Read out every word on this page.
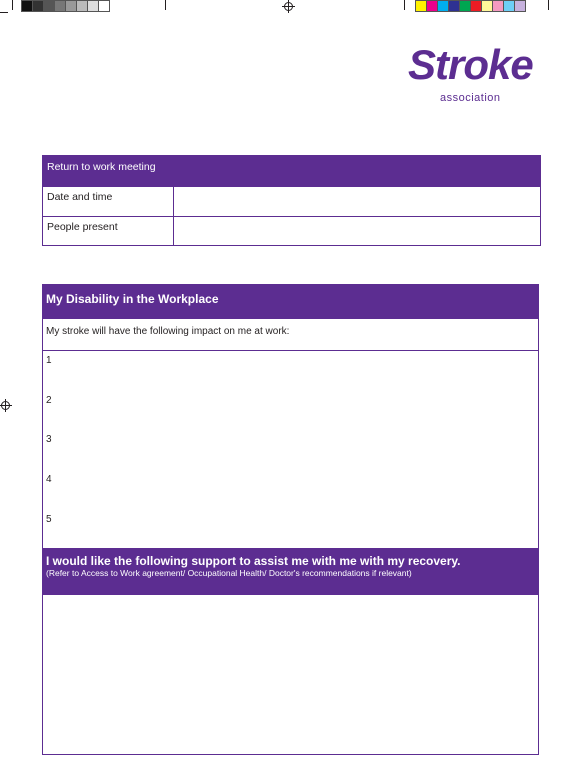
Stroke
association
Return to work meeting
Date and time
People present
My Disability in the Workplace
My stroke will have the following impact on me at work:
1
2
3
4
5
I would like the following support to assist me with me with my recovery.
(Refer to Access to Work agreement/ Occupational Health/ Doctor's recommendations if relevant)
